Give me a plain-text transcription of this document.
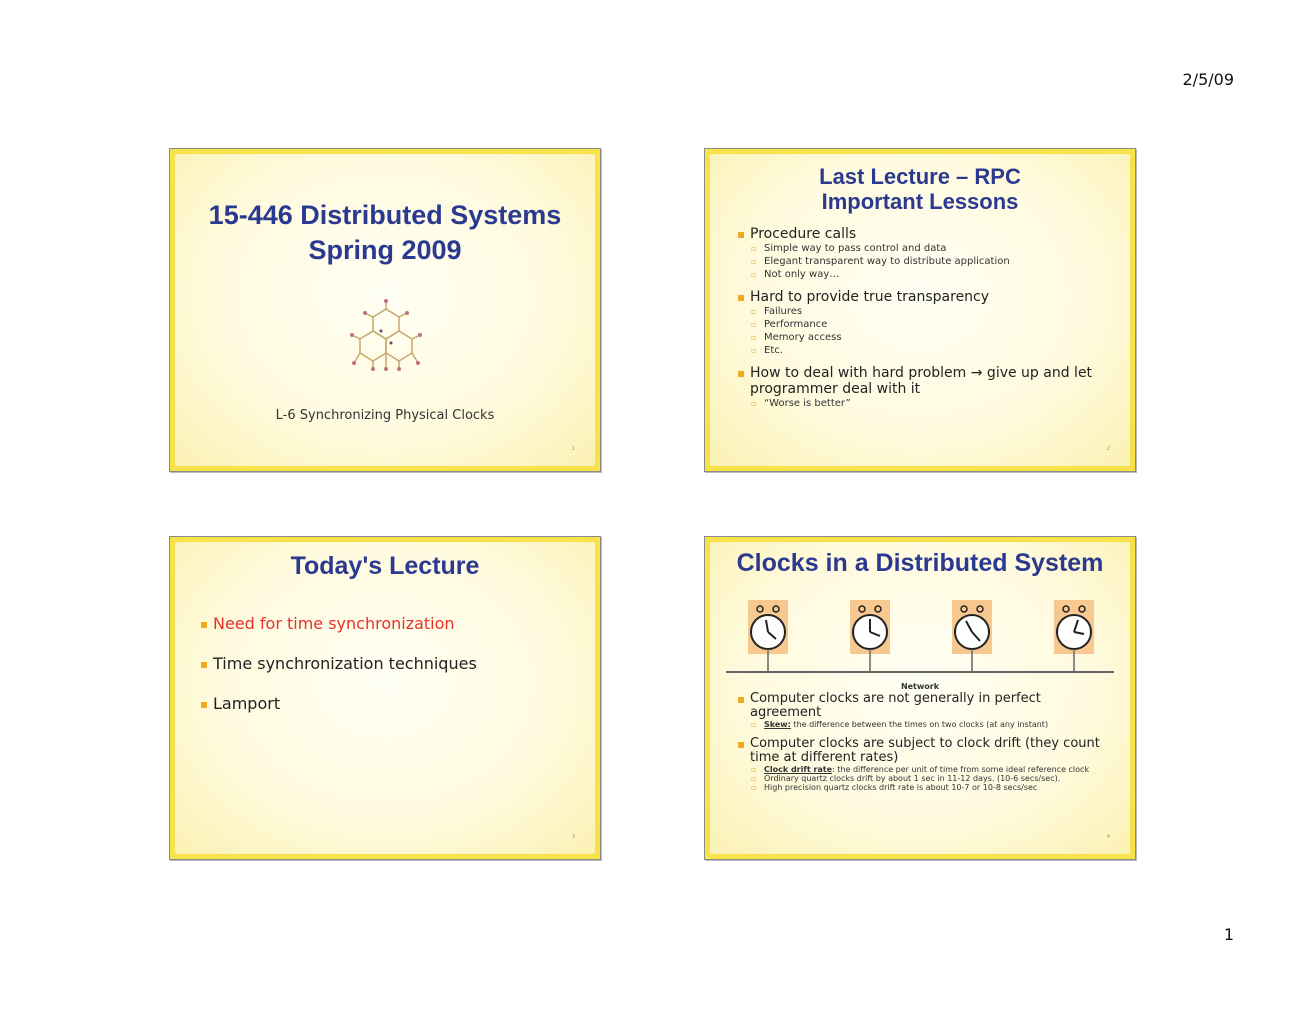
2/5/09
15-446 Distributed Systems
Spring 2009
L-6 Synchronizing Physical Clocks
1
Last Lecture – RPC
Important Lessons
▪ Procedure calls
▫ Simple way to pass control and data
▫ Elegant transparent way to distribute application
▫ Not only way…
▪ Hard to provide true transparency
▫ Failures
▫ Performance
▫ Memory access
▫ Etc.
▪ How to deal with hard problem → give up and let programmer deal with it
▫ “Worse is better”
2
Today's Lecture
▪ Need for time synchronization
▪ Time synchronization techniques
▪ Lamport
3
Clocks in a Distributed System
Network
▪ Computer clocks are not generally in perfect agreement
▫ Skew: the difference between the times on two clocks (at any instant)
▪ Computer clocks are subject to clock drift (they count time at different rates)
▫ Clock drift rate: the difference per unit of time from some ideal reference clock
▫ Ordinary quartz clocks drift by about 1 sec in 11-12 days. (10-6 secs/sec).
▫ High precision quartz clocks drift rate is about 10-7 or 10-8 secs/sec
4
1
